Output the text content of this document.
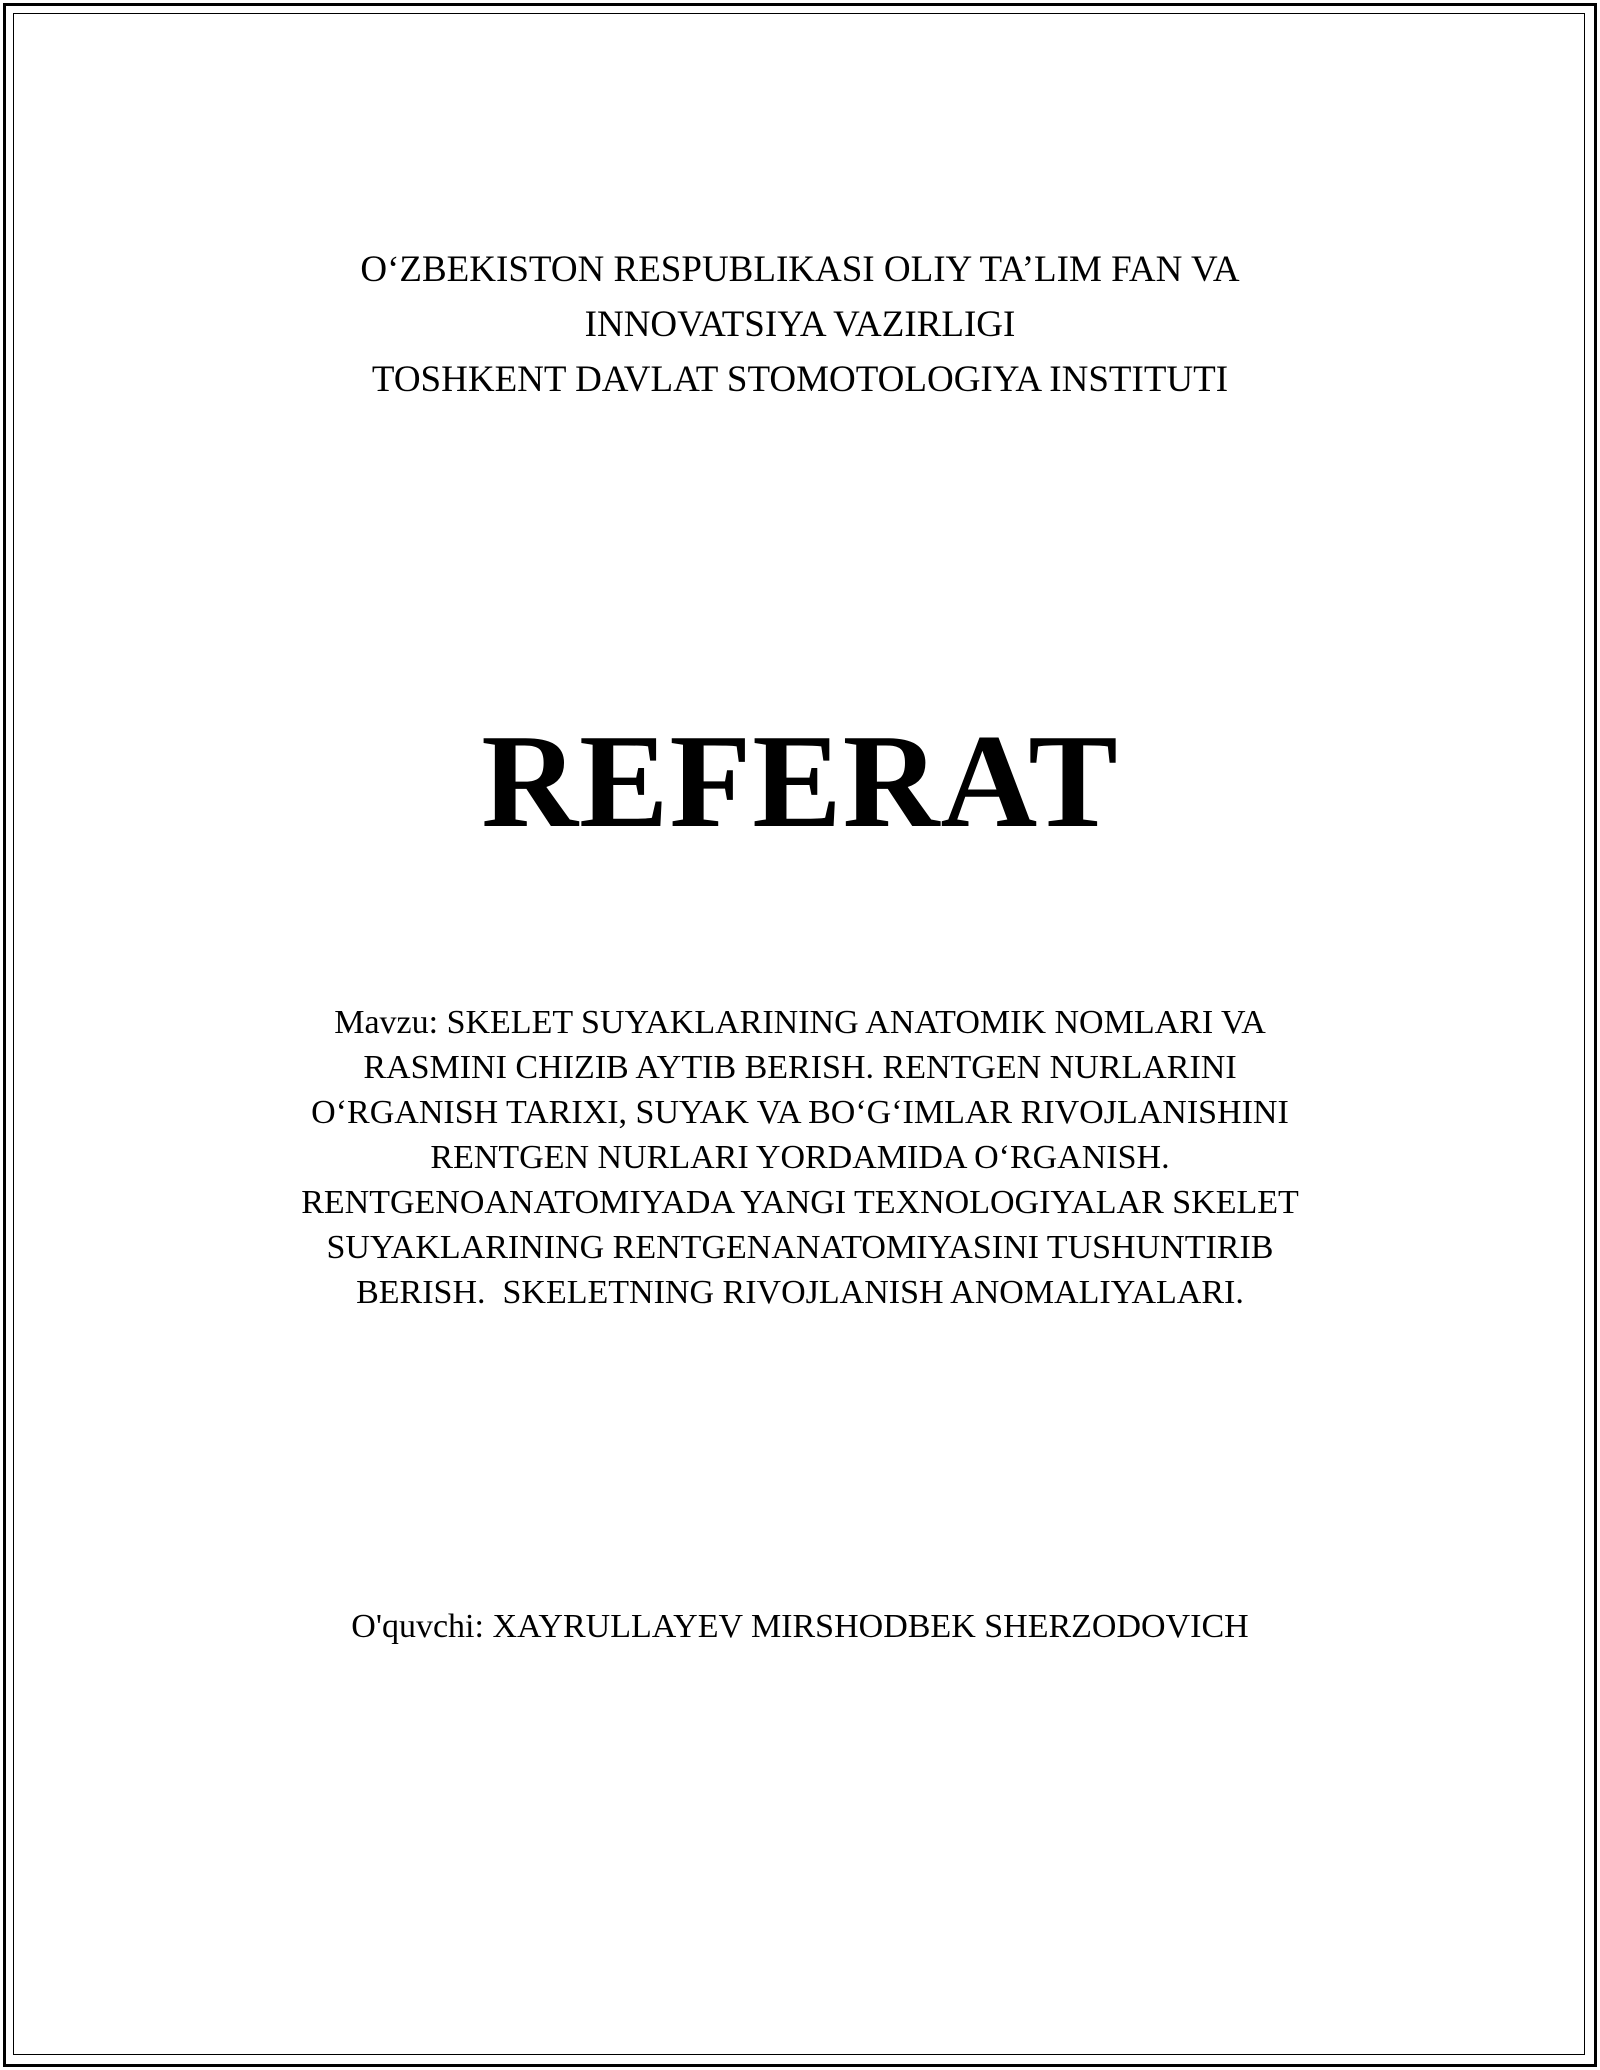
O‘ZBEKISTON RESPUBLIKASI OLIY TA’LIM FAN VA
INNOVATSIYA VAZIRLIGI
TOSHKENT DAVLAT STOMOTOLOGIYA INSTITUTI
REFERAT
Mavzu: SKELET SUYAKLARINING ANATOMIK NOMLARI VA
RASMINI CHIZIB AYTIB BERISH. RENTGEN NURLARINI
O‘RGANISH TARIXI, SUYAK VA BO‘G‘IMLAR RIVOJLANISHINI
RENTGEN NURLARI YORDAMIDA O‘RGANISH.
RENTGENOANATOMIYADA YANGI TEXNOLOGIYALAR SKELET
SUYAKLARINING RENTGENANATOMIYASINI TUSHUNTIRIB
BERISH.  SKELETNING RIVOJLANISH ANOMALIYALARI.
O'quvchi: XAYRULLAYEV MIRSHODBEK SHERZODOVICH
